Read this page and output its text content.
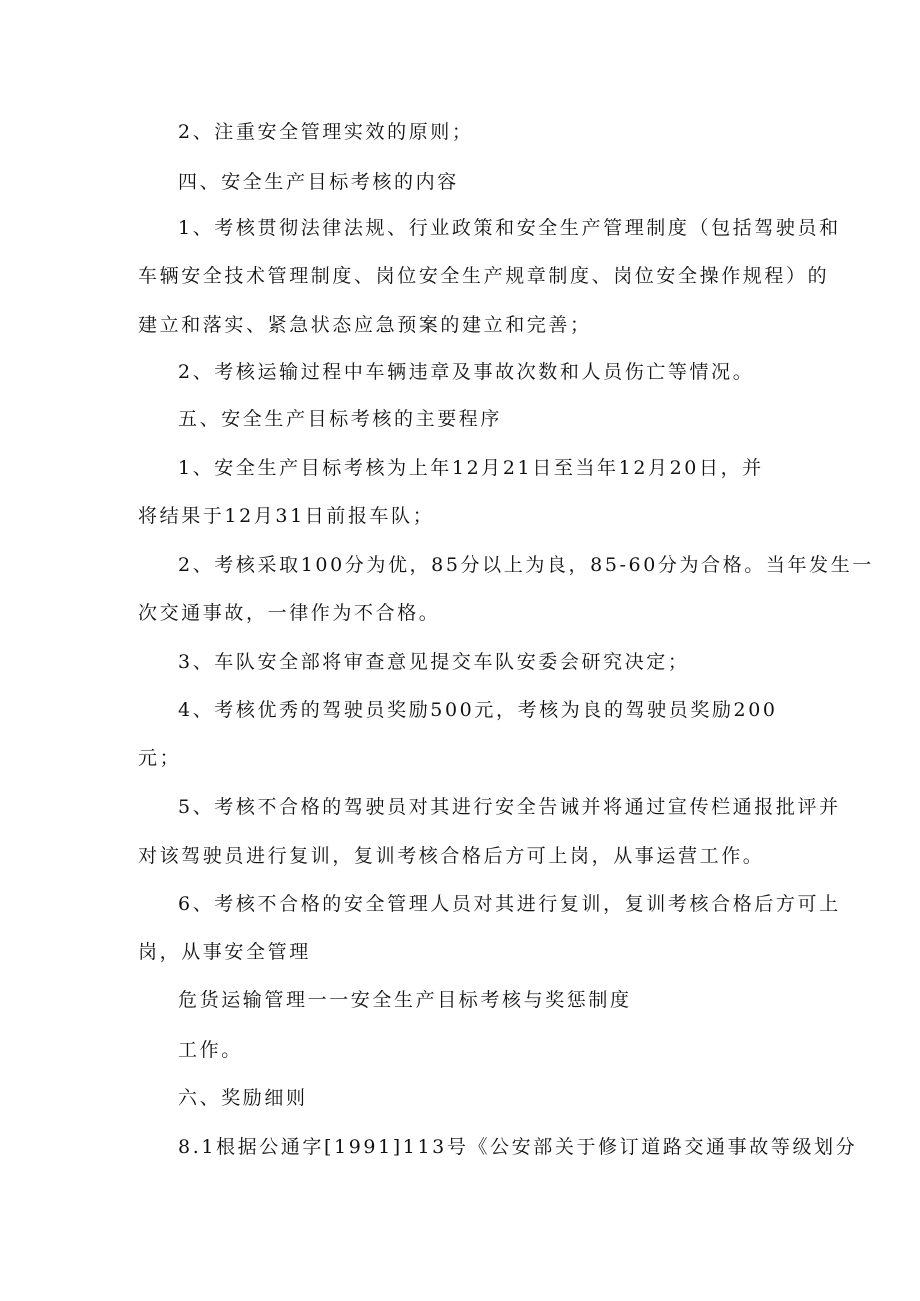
2、注重安全管理实效的原则；
四、安全生产目标考核的内容
1、考核贯彻法律法规、行业政策和安全生产管理制度（包括驾驶员和
车辆安全技术管理制度、岗位安全生产规章制度、岗位安全操作规程）的
建立和落实、紧急状态应急预案的建立和完善；
2、考核运输过程中车辆违章及事故次数和人员伤亡等情况。
五、安全生产目标考核的主要程序
1、安全生产目标考核为上年12月21日至当年12月20日，并
将结果于12月31日前报车队；
2、考核采取100分为优，85分以上为良，85-60分为合格。当年发生一
次交通事故，一律作为不合格。
3、车队安全部将审查意见提交车队安委会研究决定；
4、考核优秀的驾驶员奖励500元，考核为良的驾驶员奖励200
元；
5、考核不合格的驾驶员对其进行安全告诫并将通过宣传栏通报批评并
对该驾驶员进行复训，复训考核合格后方可上岗，从事运营工作。
6、考核不合格的安全管理人员对其进行复训，复训考核合格后方可上
岗，从事安全管理
危货运输管理一一安全生产目标考核与奖惩制度
工作。
六、奖励细则
8.1根据公通字[1991]113号《公安部关于修订道路交通事故等级划分
